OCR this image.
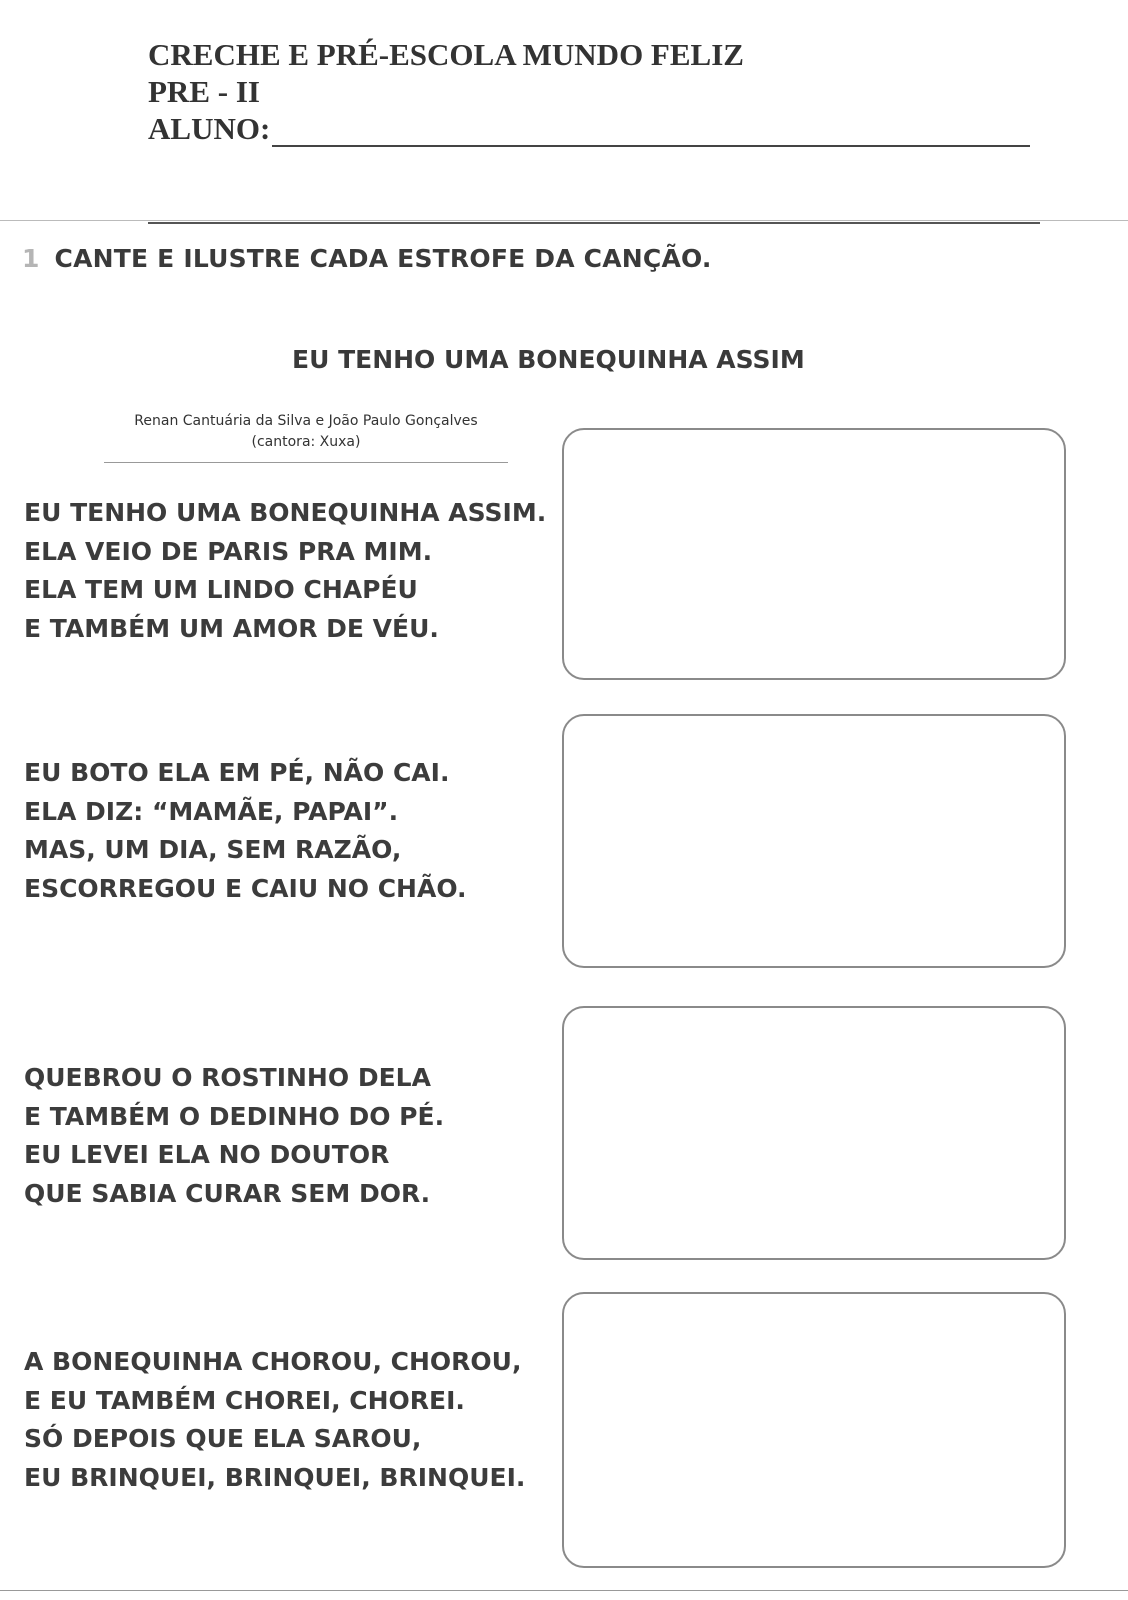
CRECHE E PRÉ-ESCOLA MUNDO FELIZ
PRE - II
ALUNO:
1 CANTE E ILUSTRE CADA ESTROFE DA CANÇÃO.
EU TENHO UMA BONEQUINHA ASSIM
Renan Cantuária da Silva e João Paulo Gonçalves
(cantora: Xuxa)
EU TENHO UMA BONEQUINHA ASSIM.
ELA VEIO DE PARIS PRA MIM.
ELA TEM UM LINDO CHAPÉU
E TAMBÉM UM AMOR DE VÉU.
EU BOTO ELA EM PÉ, NÃO CAI.
ELA DIZ: “MAMÃE, PAPAI”.
MAS, UM DIA, SEM RAZÃO,
ESCORREGOU E CAIU NO CHÃO.
QUEBROU O ROSTINHO DELA
E TAMBÉM O DEDINHO DO PÉ.
EU LEVEI ELA NO DOUTOR
QUE SABIA CURAR SEM DOR.
A BONEQUINHA CHOROU, CHOROU,
E EU TAMBÉM CHOREI, CHOREI.
SÓ DEPOIS QUE ELA SAROU,
EU BRINQUEI, BRINQUEI, BRINQUEI.
